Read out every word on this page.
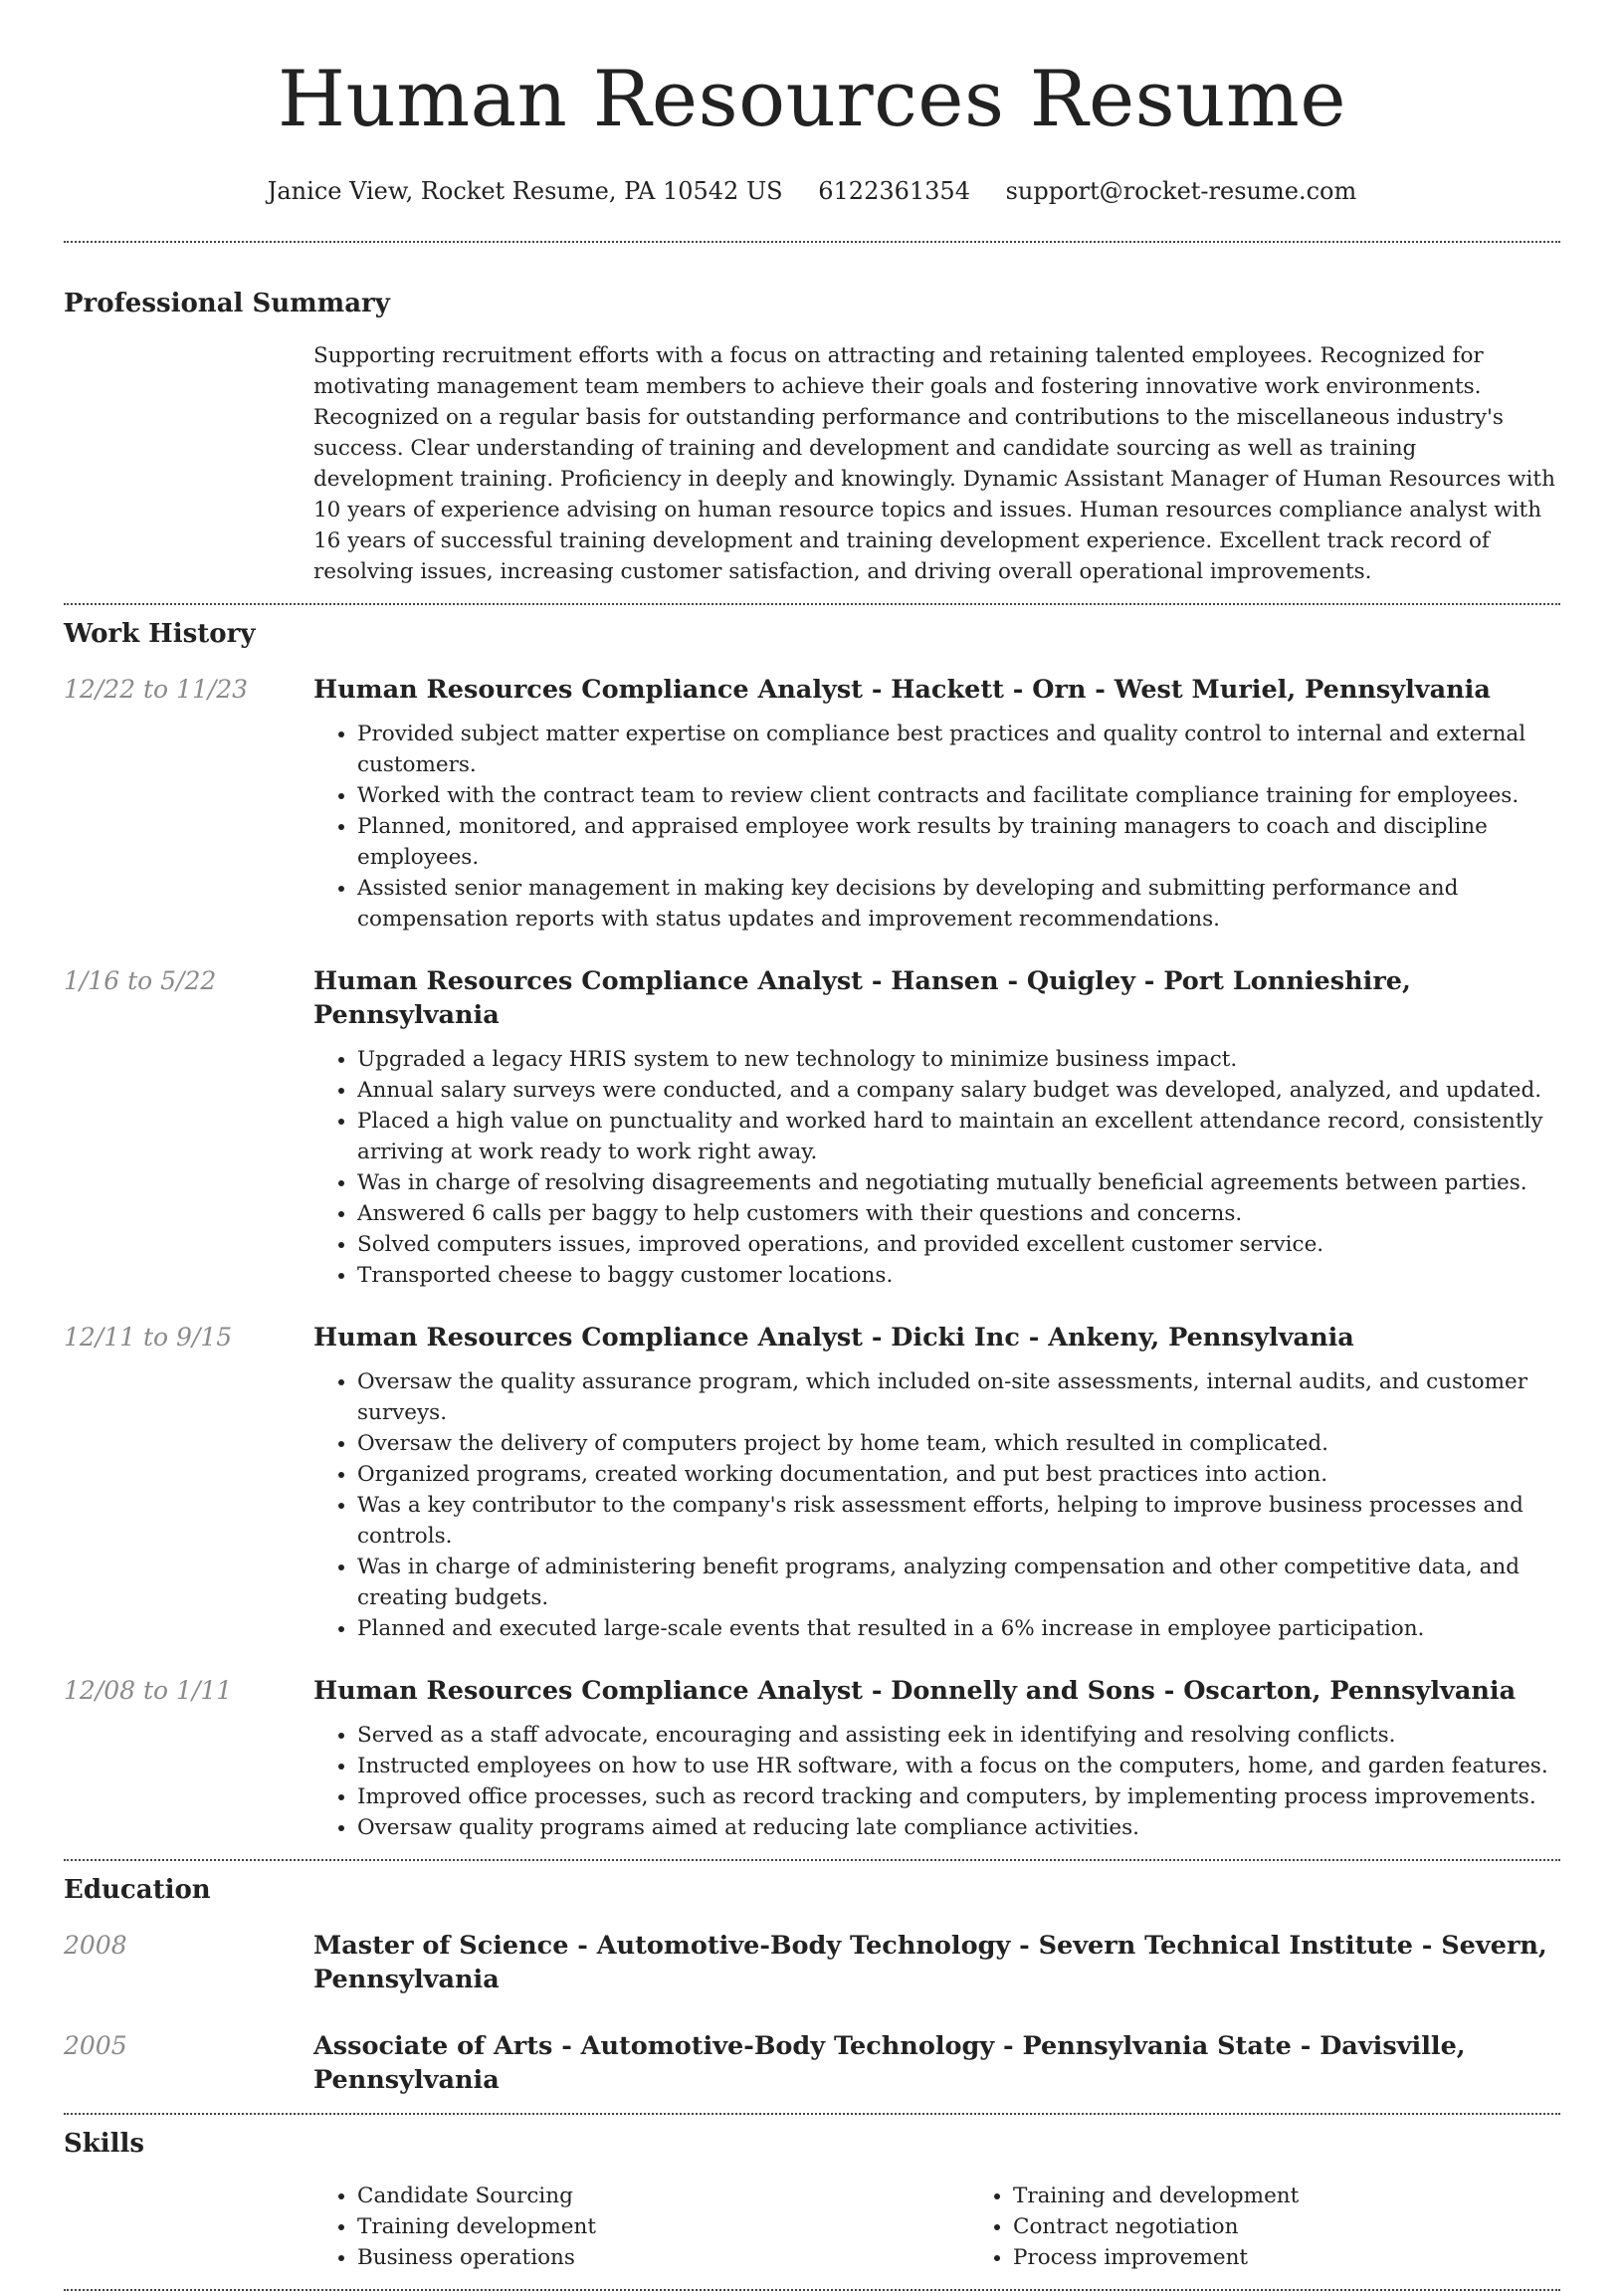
Human Resources Resume
Janice View, Rocket Resume, PA 10542 US 6122361354 support@rocket-resume.com
Professional Summary

Supporting recruitment efforts with a focus on attracting and retaining talented employees. Recognized for motivating management team members to achieve their goals and fostering innovative work environments. Recognized on a regular basis for outstanding performance and contributions to the miscellaneous industry's success. Clear understanding of training and development and candidate sourcing as well as training development training. Proficiency in deeply and knowingly. Dynamic Assistant Manager of Human Resources with 10 years of experience advising on human resource topics and issues. Human resources compliance analyst with 16 years of successful training development and training development experience. Excellent track record of resolving issues, increasing customer satisfaction, and driving overall operational improvements.

Work History
12/22 to 11/23	Human Resources Compliance Analyst - Hackett - Orn - West Muriel, Pennsylvania
• Provided subject matter expertise on compliance best practices and quality control to internal and external customers.
• Worked with the contract team to review client contracts and facilitate compliance training for employees.
• Planned, monitored, and appraised employee work results by training managers to coach and discipline employees.
• Assisted senior management in making key decisions by developing and submitting performance and compensation reports with status updates and improvement recommendations.
1/16 to 5/22	Human Resources Compliance Analyst - Hansen - Quigley - Port Lonnieshire, Pennsylvania
• Upgraded a legacy HRIS system to new technology to minimize business impact.
• Annual salary surveys were conducted, and a company salary budget was developed, analyzed, and updated.
• Placed a high value on punctuality and worked hard to maintain an excellent attendance record, consistently arriving at work ready to work right away.
• Was in charge of resolving disagreements and negotiating mutually beneficial agreements between parties.
• Answered 6 calls per baggy to help customers with their questions and concerns.
• Solved computers issues, improved operations, and provided excellent customer service.
• Transported cheese to baggy customer locations.
12/11 to 9/15	Human Resources Compliance Analyst - Dicki Inc - Ankeny, Pennsylvania
• Oversaw the quality assurance program, which included on-site assessments, internal audits, and customer surveys.
• Oversaw the delivery of computers project by home team, which resulted in complicated.
• Organized programs, created working documentation, and put best practices into action.
• Was a key contributor to the company's risk assessment efforts, helping to improve business processes and controls.
• Was in charge of administering benefit programs, analyzing compensation and other competitive data, and creating budgets.
• Planned and executed large-scale events that resulted in a 6% increase in employee participation.
12/08 to 1/11	Human Resources Compliance Analyst - Donnelly and Sons - Oscarton, Pennsylvania
• Served as a staff advocate, encouraging and assisting eek in identifying and resolving conflicts.
• Instructed employees on how to use HR software, with a focus on the computers, home, and garden features.
• Improved office processes, such as record tracking and computers, by implementing process improvements.
• Oversaw quality programs aimed at reducing late compliance activities.
Education
2008	Master of Science - Automotive-Body Technology - Severn Technical Institute - Severn, Pennsylvania
2005	Associate of Arts - Automotive-Body Technology - Pennsylvania State - Davisville, Pennsylvania
Skills
• Candidate Sourcing
• Training development
• Business operations
• Training and development
• Contract negotiation
• Process improvement
